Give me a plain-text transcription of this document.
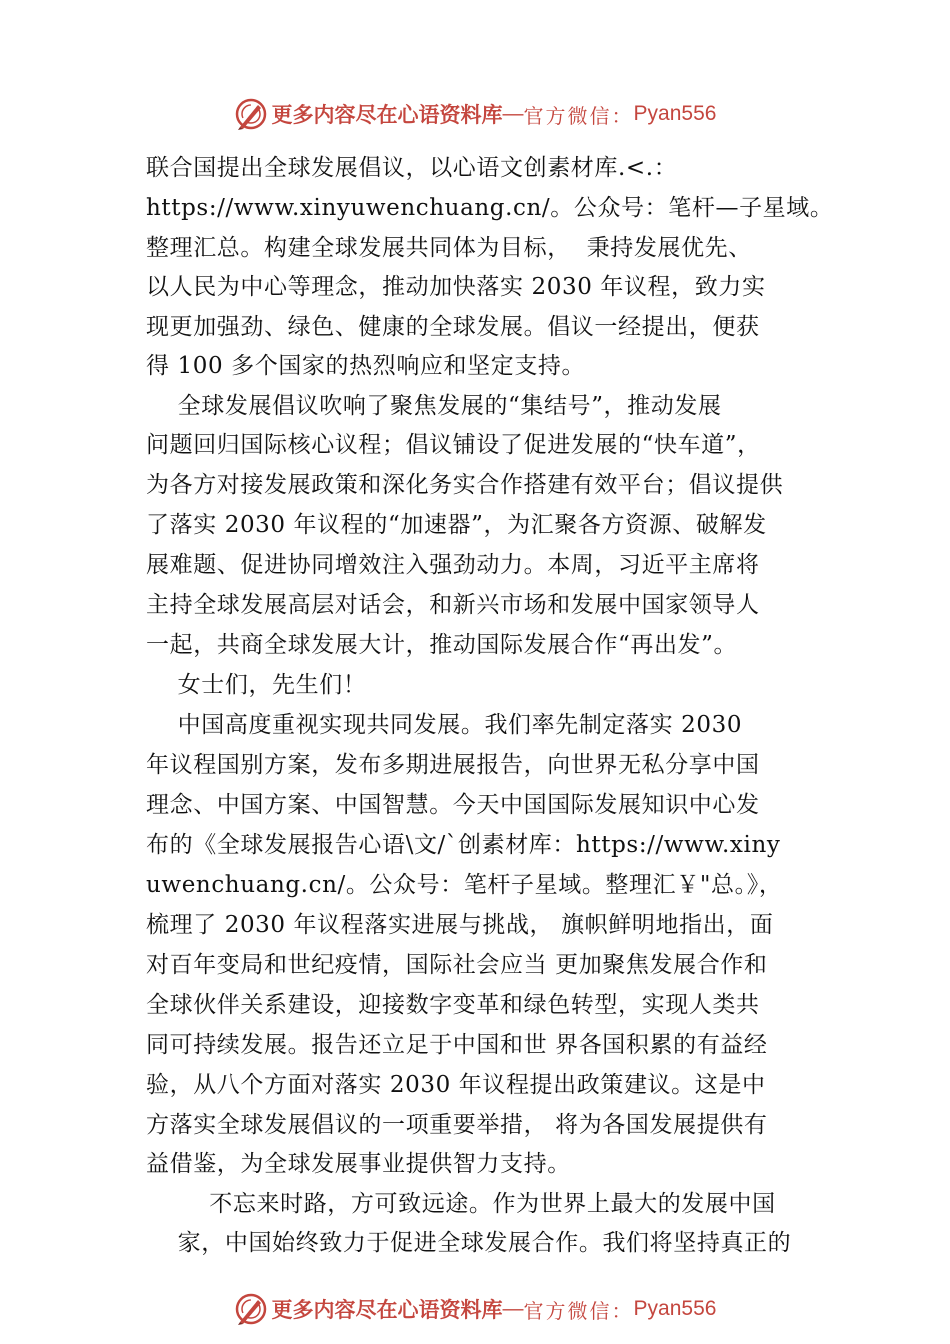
更多内容尽在心语资料库 — 官方微信： Pyan556
联合国提出全球发展倡议，以心语文创素材库.<.：
https://www.xinyuwenchuang.cn/。公众号：笔杆—子星域。
整理汇总。构建全球发展共同体为目标，  秉持发展优先、
以人民为中心等理念，推动加快落实 2030 年议程，致力实
现更加强劲、绿色、健康的全球发展。倡议一经提出，便获
得 100 多个国家的热烈响应和坚定支持。
全球发展倡议吹响了聚焦发展的“集结号”，推动发展
问题回归国际核心议程；倡议铺设了促进发展的“快车道”，
为各方对接发展政策和深化务实合作搭建有效平台；倡议提供
了落实 2030 年议程的“加速器”，为汇聚各方资源、破解发
展难题、促进协同增效注入强劲动力。本周，习近平主席将
主持全球发展高层对话会，和新兴市场和发展中国家领导人
一起，共商全球发展大计，推动国际发展合作“再出发”。
女士们，先生们！
中国高度重视实现共同发展。我们率先制定落实 2030
年议程国别方案，发布多期进展报告，向世界无私分享中国
理念、中国方案、中国智慧。今天中国国际发展知识中心发
布的《全球发展报告心语\文/`创素材库：https://www.xiny
uwenchuang.cn/。公众号：笔杆子星域。整理汇￥"总。》，
梳理了 2030 年议程落实进展与挑战， 旗帜鲜明地指出，面
对百年变局和世纪疫情，国际社会应当 更加聚焦发展合作和
全球伙伴关系建设，迎接数字变革和绿色转型，实现人类共
同可持续发展。报告还立足于中国和世 界各国积累的有益经
验，从八个方面对落实 2030 年议程提出政策建议。这是中
方落实全球发展倡议的一项重要举措， 将为各国发展提供有
益借鉴，为全球发展事业提供智力支持。
不忘来时路，方可致远途。作为世界上最大的发展中国
家，中国始终致力于促进全球发展合作。我们将坚持真正的
更多内容尽在心语资料库 — 官方微信： Pyan556
